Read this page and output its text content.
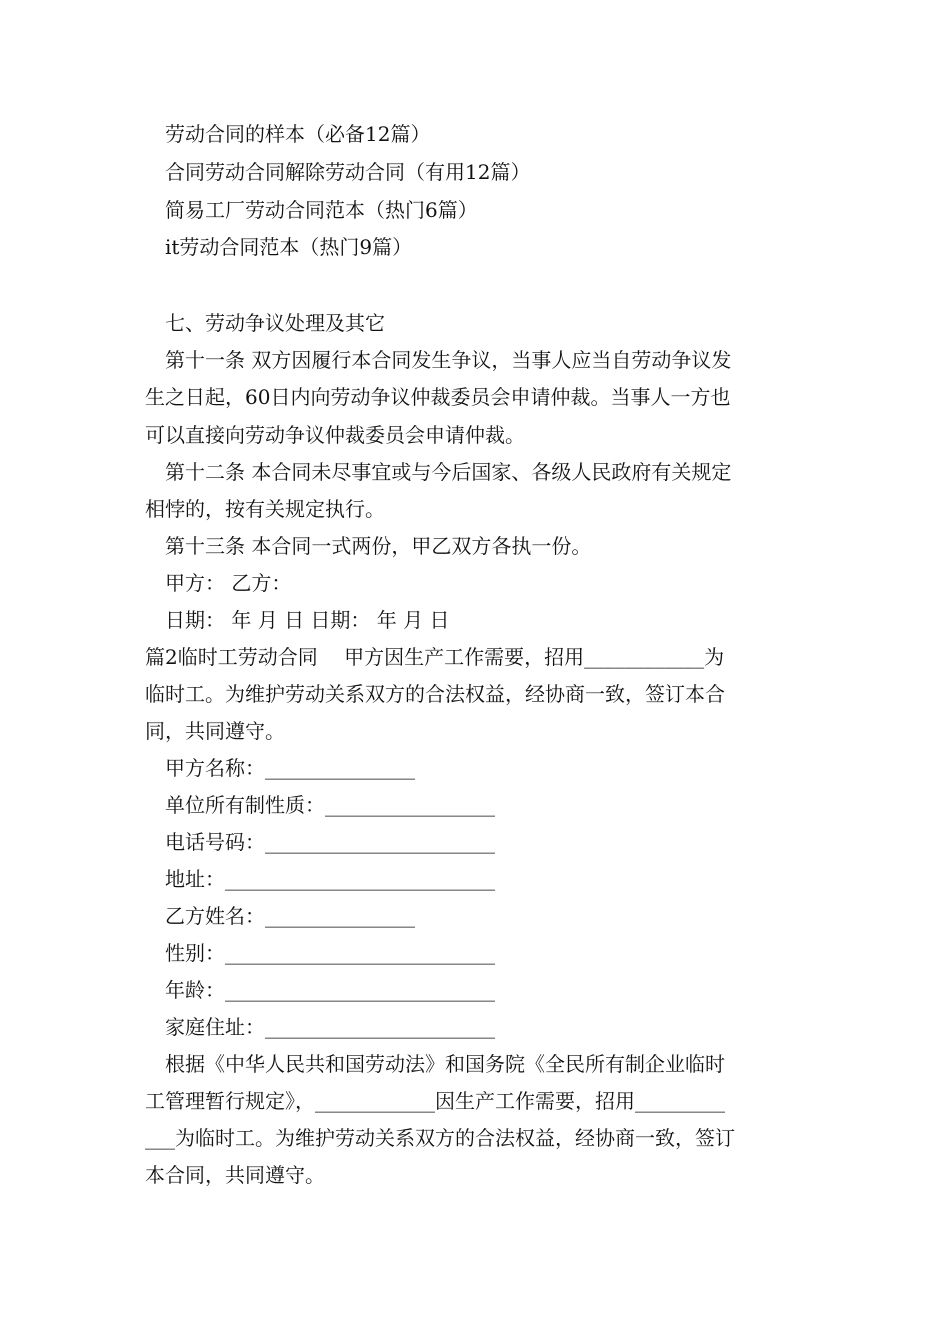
劳动合同的样本（必备12篇）
合同劳动合同解除劳动合同（有用12篇）
简易工厂劳动合同范本（热门6篇）
it劳动合同范本（热门9篇）
七、劳动争议处理及其它
第十一条 双方因履行本合同发生争议，当事人应当自劳动争议发
生之日起，60日内向劳动争议仲裁委员会申请仲裁。当事人一方也
可以直接向劳动争议仲裁委员会申请仲裁。
第十二条 本合同未尽事宜或与今后国家、各级人民政府有关规定
相悖的，按有关规定执行。
第十三条 本合同一式两份，甲乙双方各执一份。
甲方： 乙方：
日期： 年 月 日 日期： 年 月 日
篇2临时工劳动合同　 甲方因生产工作需要，招用____________为
临时工。为维护劳动关系双方的合法权益，经协商一致，签订本合
同，共同遵守。
甲方名称：_______________
单位所有制性质：_________________
电话号码：_______________________
地址：___________________________
乙方姓名：_______________
性别：___________________________
年龄：___________________________
家庭住址：_______________________
根据《中华人民共和国劳动法》和国务院《全民所有制企业临时
工管理暂行规定》，____________因生产工作需要，招用_________
___为临时工。为维护劳动关系双方的合法权益，经协商一致，签订
本合同，共同遵守。
